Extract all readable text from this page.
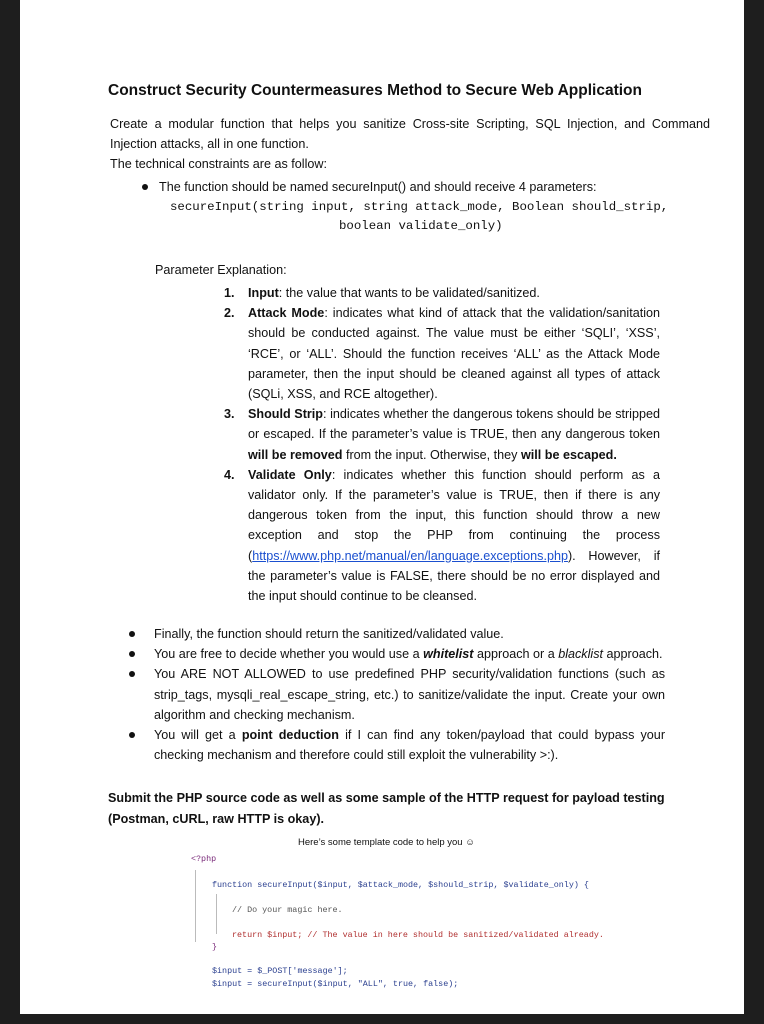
Construct Security Countermeasures Method to Secure Web Application
Create a modular function that helps you sanitize Cross-site Scripting, SQL Injection, and Command Injection attacks, all in one function.
The technical constraints are as follow:
The function should be named secureInput() and should receive 4 parameters:
secureInput(string input, string attack_mode, Boolean should_strip,
boolean validate_only)
Parameter Explanation:
1. Input: the value that wants to be validated/sanitized.
2. Attack Mode: indicates what kind of attack that the validation/sanitation should be conducted against. The value must be either ‘SQLI’, ‘XSS’, ‘RCE’, or ‘ALL’. Should the function receives ‘ALL’ as the Attack Mode parameter, then the input should be cleaned against all types of attack (SQLi, XSS, and RCE altogether).
3. Should Strip: indicates whether the dangerous tokens should be stripped or escaped. If the parameter’s value is TRUE, then any dangerous token will be removed from the input. Otherwise, they will be escaped.
4. Validate Only: indicates whether this function should perform as a validator only. If the parameter’s value is TRUE, then if there is any dangerous token from the input, this function should throw a new exception and stop the PHP from continuing the process (https://www.php.net/manual/en/language.exceptions.php). However, if the parameter’s value is FALSE, there should be no error displayed and the input should continue to be cleansed.
Finally, the function should return the sanitized/validated value.
You are free to decide whether you would use a whitelist approach or a blacklist approach.
You ARE NOT ALLOWED to use predefined PHP security/validation functions (such as strip_tags, mysqli_real_escape_string, etc.) to sanitize/validate the input. Create your own algorithm and checking mechanism.
You will get a point deduction if I can find any token/payload that could bypass your checking mechanism and therefore could still exploit the vulnerability >:).
Submit the PHP source code as well as some sample of the HTTP request for payload testing (Postman, cURL, raw HTTP is okay).
Here’s some template code to help you ☺
<?php
function secureInput($input, $attack_mode, $should_strip, $validate_only) {
// Do your magic here.
return $input; // The value in here should be sanitized/validated already.
}
$input = $_POST['message'];
$input = secureInput($input, "ALL", true, false);
